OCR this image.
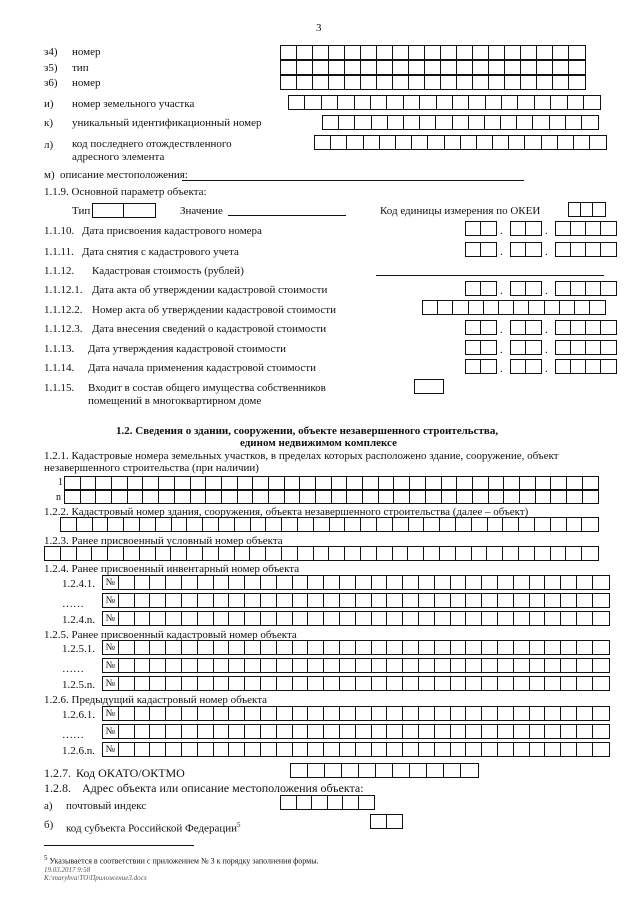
3
з4) номер
з5) тип
з6) номер
и) номер земельного участка
к) уникальный идентификационный номер
л) код последнего отождествленного
адресного элемента
м) описание местоположения:
1.1.9. Основной параметр объекта:
Тип	Значение	Код единицы измерения по ОКЕИ
1.1.10. Дата присвоения кадастрового номера	.	.
1.1.11. Дата снятия с кадастрового учета	.	.
1.1.12. Кадастровая стоимость (рублей)
1.1.12.1. Дата акта об утверждении кадастровой стоимости	.	.
1.1.12.2. Номер акта об утверждении кадастровой стоимости
1.1.12.3. Дата внесения сведений о кадастровой стоимости	.	.
1.1.13. Дата утверждения кадастровой стоимости	.	.
1.1.14. Дата начала применения кадастровой стоимости	.	.
1.1.15. Входит в состав общего имущества собственников
помещений в многоквартирном доме
1.2. Сведения о здании, сооружении, объекте незавершенного строительства,
едином недвижимом комплексе
1.2.1. Кадастровые номера земельных участков, в пределах которых расположено здание, сооружение, объект
незавершенного строительства (при наличии)
1
n
1.2.2. Кадастровый номер здания, сооружения, объекта незавершенного строительства (далее – объект)
1.2.3. Ранее присвоенный условный номер объекта
1.2.4. Ранее присвоенный инвентарный номер объекта
1.2.4.1. №
…… №
1.2.4.n. №
1.2.5. Ранее присвоенный кадастровый номер объекта
1.2.5.1. №
…… №
1.2.5.n. №
1.2.6. Предыдущий кадастровый номер объекта
1.2.6.1. №
…… №
1.2.6.n. №
1.2.7. Код ОКАТО/ОКТМО
1.2.8. Адрес объекта или описание местоположения объекта:
а) почтовый индекс
б) код субъекта Российской Федерации$^5$
$^5$ Указывается в соответствии с приложением № 3 к порядку заполнения формы.
19.03.2017 9:58
К:\maryhva\ТО\Приложение3.docx
